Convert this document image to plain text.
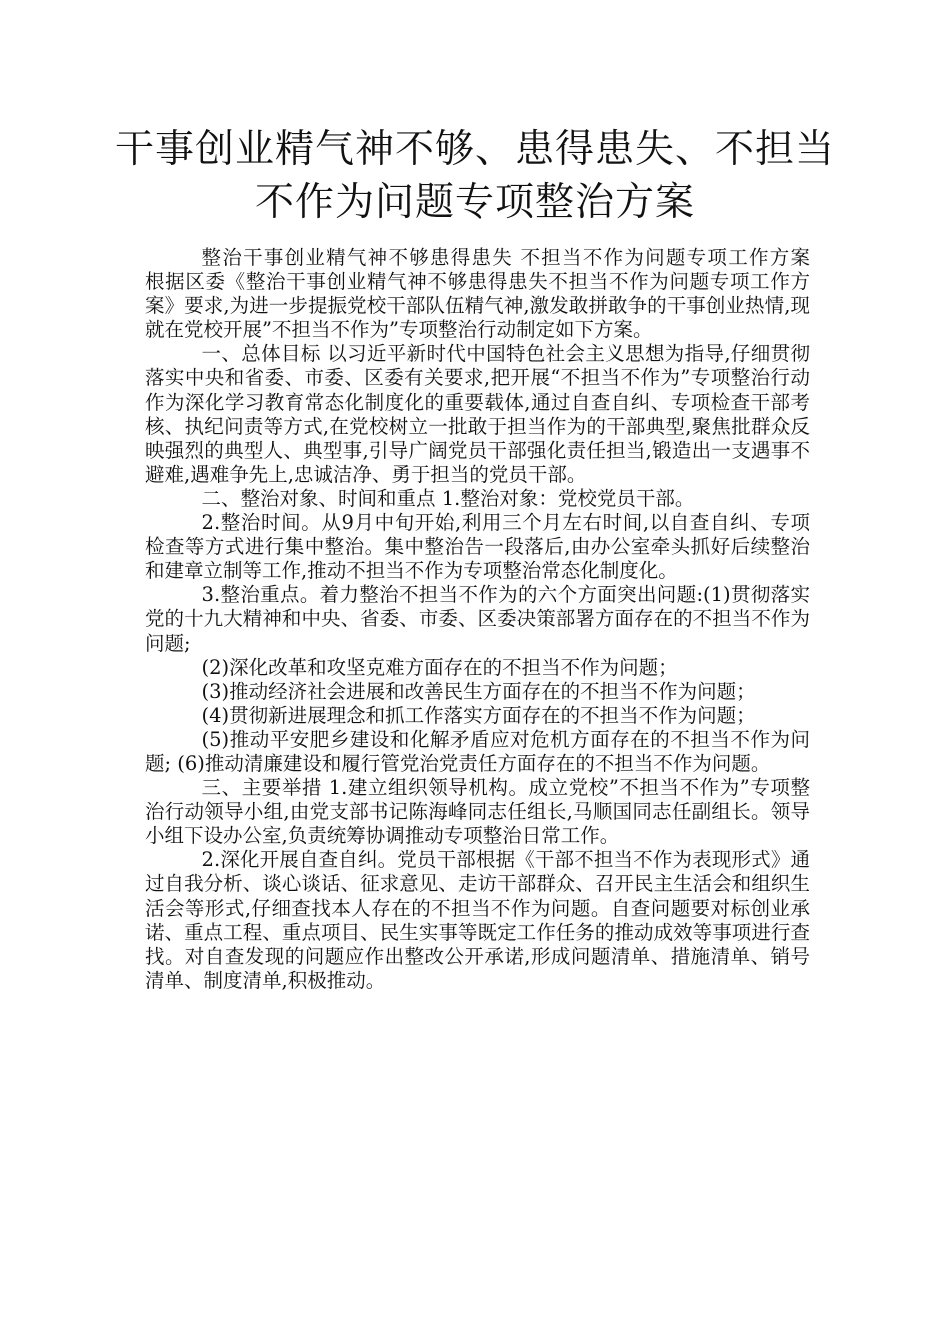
干事创业精气神不够、患得患失、不担当
不作为问题专项整治方案

整治干事创业精气神不够患得患失 不担当不作为问题专项工作方案　根据区委《整治干事创业精气神不够患得患失不担当不作为问题专项工作方案》要求,为进一步提振党校干部队伍精气神,激发敢拼敢争的干事创业热情,现就在党校开展”不担当不作为”专项整治行动制定如下方案。

一、总体目标 以习近平新时代中国特色社会主义思想为指导,仔细贯彻落实中央和省委、市委、区委有关要求,把开展“不担当不作为”专项整治行动作为深化学习教育常态化制度化的重要载体,通过自查自纠、专项检查干部考核、执纪问责等方式,在党校树立一批敢于担当作为的干部典型,聚焦批群众反映强烈的典型人、典型事,引导广阔党员干部强化责任担当,锻造出一支遇事不避难,遇难争先上,忠诚洁净、勇于担当的党员干部。

二、整治对象、时间和重点 1.整治对象：党校党员干部。

2.整治时间。从9月中旬开始,利用三个月左右时间,以自查自纠、专项检查等方式进行集中整治。集中整治告一段落后,由办公室牵头抓好后续整治和建章立制等工作,推动不担当不作为专项整治常态化制度化。

3.整治重点。着力整治不担当不作为的六个方面突出问题:(1)贯彻落实党的十九大精神和中央、省委、市委、区委决策部署方面存在的不担当不作为问题;

(2)深化改革和攻坚克难方面存在的不担当不作为问题；

(3)推动经济社会进展和改善民生方面存在的不担当不作为问题；

(4)贯彻新进展理念和抓工作落实方面存在的不担当不作为问题；

(5)推动平安肥乡建设和化解矛盾应对危机方面存在的不担当不作为问题; (6)推动清廉建设和履行管党治党责任方面存在的不担当不作为问题。

三、主要举措 1.建立组织领导机构。成立党校”不担当不作为”专项整治行动领导小组,由党支部书记陈海峰同志任组长,马顺国同志任副组长。领导小组下设办公室,负责统筹协调推动专项整治日常工作。

2.深化开展自查自纠。党员干部根据《干部不担当不作为表现形式》通过自我分析、谈心谈话、征求意见、走访干部群众、召开民主生活会和组织生活会等形式,仔细查找本人存在的不担当不作为问题。自查问题要对标创业承诺、重点工程、重点项目、民生实事等既定工作任务的推动成效等事项进行查找。对自查发现的问题应作出整改公开承诺,形成问题清单、措施清单、销号清单、制度清单,积极推动。
